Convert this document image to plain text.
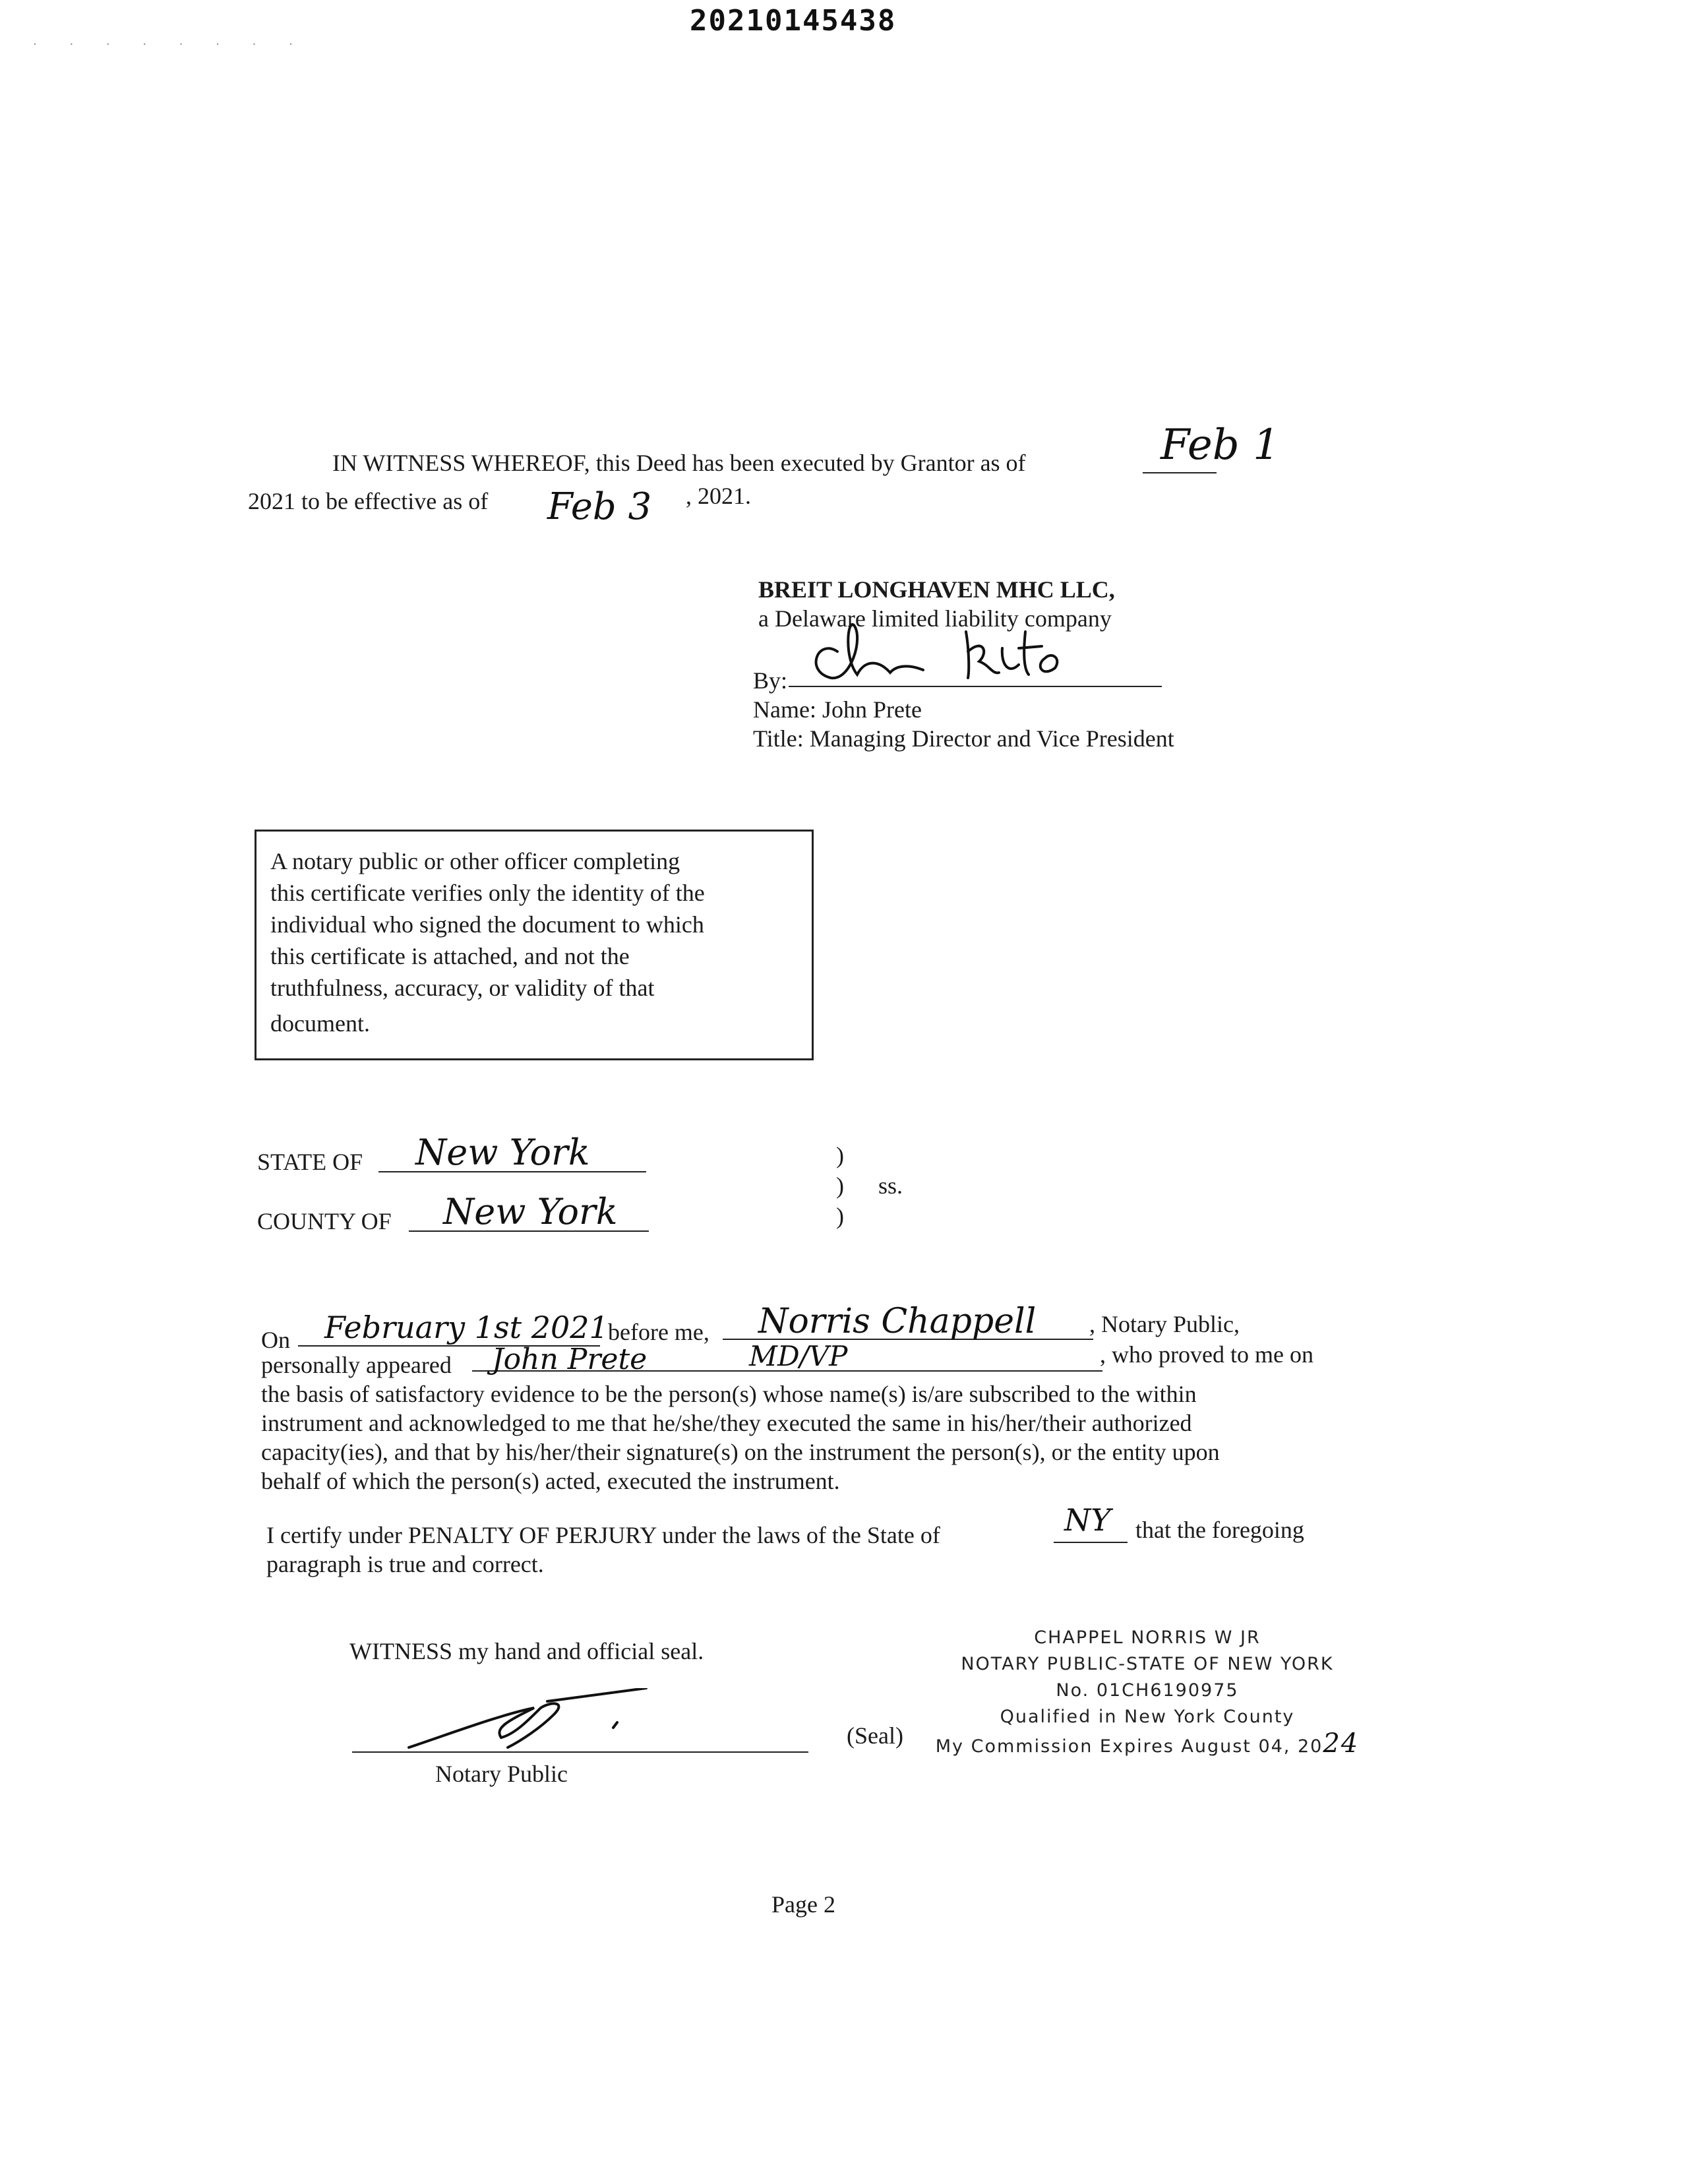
20210145438
. . . . . . . .
IN WITNESS WHEREOF, this Deed has been executed by Grantor as of	Feb 1
2021 to be effective as of Feb 3 , 2021.
BREIT LONGHAVEN MHC LLC,
a Delaware limited liability company
By:
Name: John Prete
Title: Managing Director and Vice President
A notary public or other officer completing
this certificate verifies only the identity of the
individual who signed the document to which
this certificate is attached, and not the
truthfulness, accuracy, or validity of that
document.
STATE OF New York
COUNTY OF New York
)
)
)
ss.
On February 1st 2021 before me, Norris Chappell , Notary Public,
personally appeared John Prete	MD/VP	, who proved to me on
the basis of satisfactory evidence to be the person(s) whose name(s) is/are subscribed to the within
instrument and acknowledged to me that he/she/they executed the same in his/her/their authorized
capacity(ies), and that by his/her/their signature(s) on the instrument the person(s), or the entity upon
behalf of which the person(s) acted, executed the instrument.
I certify under PENALTY OF PERJURY under the laws of the State of	NY that the foregoing
paragraph is true and correct.
WITNESS my hand and official seal.
Notary Public
(Seal)
CHAPPEL NORRIS W JR
NOTARY PUBLIC-STATE OF NEW YORK
No. 01CH6190975
Qualified in New York County
My Commission Expires August 04, 2024
Page 2
